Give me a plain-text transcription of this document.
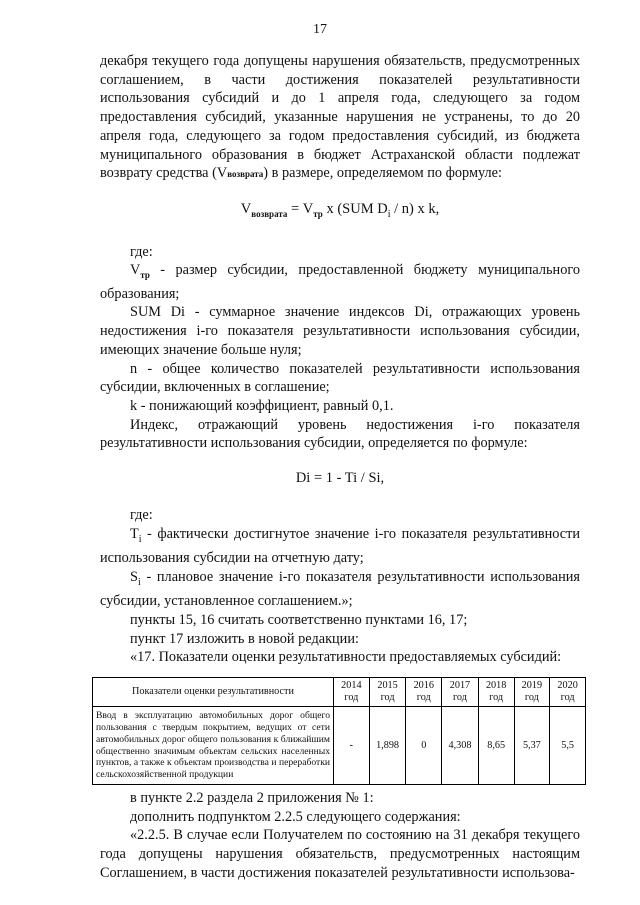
17

декабря текущего года допущены нарушения обязательств, предусмотренных соглашением, в части достижения показателей результативности использования субсидий и до 1 апреля года, следующего за годом предоставления субсидий, указанные нарушения не устранены, то до 20 апреля года, следующего за годом предоставления субсидий, из бюджета муниципального образования в бюджет Астраханской области подлежат возврату средства (Vвозврата) в размере, определяемом по формуле:

$V_{возврата} = V_{тр}$ x (SUM $D_i / n$) x k,

где:

$V_{тр}$ - размер субсидии, предоставленной бюджету муниципального образования;

SUM Di - суммарное значение индексов Di, отражающих уровень недостижения i-го показателя результативности использования субсидии, имеющих значение больше нуля;

n - общее количество показателей результативности использования субсидии, включенных в соглашение;

k - понижающий коэффициент, равный 0,1.

Индекс, отражающий уровень недостижения i-го показателя результативности использования субсидии, определяется по формуле:

Di = 1 - Ti / Si,

где:

$T_i$ - фактически достигнутое значение i-го показателя результативности использования субсидии на отчетную дату;

$S_i$ - плановое значение i-го показателя результативности использования субсидии, установленное соглашением.»;

пункты 15, 16 считать соответственно пунктами 16, 17;

пункт 17 изложить в новой редакции:

«17. Показатели оценки результативности предоставляемых субсидий:

Показатели оценки результативности	2014 год	2015 год	2016 год	2017 год	2018 год	2019 год	2020 год
Ввод в эксплуатацию автомобильных дорог общего пользования с твердым покрытием, ведущих от сети автомобильных дорог общего пользования к ближайшим общественно значимым объектам сельских населенных пунктов, а также к объектам производства и переработки сельскохозяйственной продукции	-	1,898	0	4,308	8,65	5,37	5,5

в пункте 2.2 раздела 2 приложения № 1:

дополнить подпунктом 2.2.5 следующего содержания:

«2.2.5. В случае если Получателем по состоянию на 31 декабря текущего года допущены нарушения обязательств, предусмотренных настоящим Соглашением, в части достижения показателей результативности использова-
